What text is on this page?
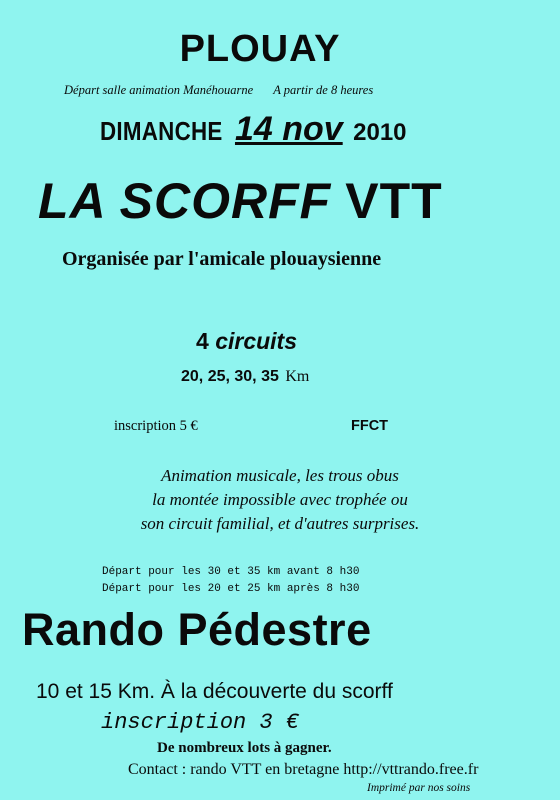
PLOUAY
Départ salle animation Manéhouarne A partir de 8 heures
DIMANCHE 14 nov 2010
LA SCORFF VTT
Organisée par l'amicale plouaysienne
4 circuits
20, 25, 30, 35 Km
inscription 5 €	FFCT
Animation musicale, les trous obus
la montée impossible avec trophée ou
son circuit familial, et d'autres surprises.
Départ pour les 30 et 35 km avant 8 h30
Départ pour les 20 et 25 km après 8 h30
Rando Pédestre
10 et 15 Km. À la découverte du scorff
inscription 3 €
De nombreux lots à gagner.
Contact : rando VTT en bretagne http://vttrando.free.fr
Imprimé par nos soins
